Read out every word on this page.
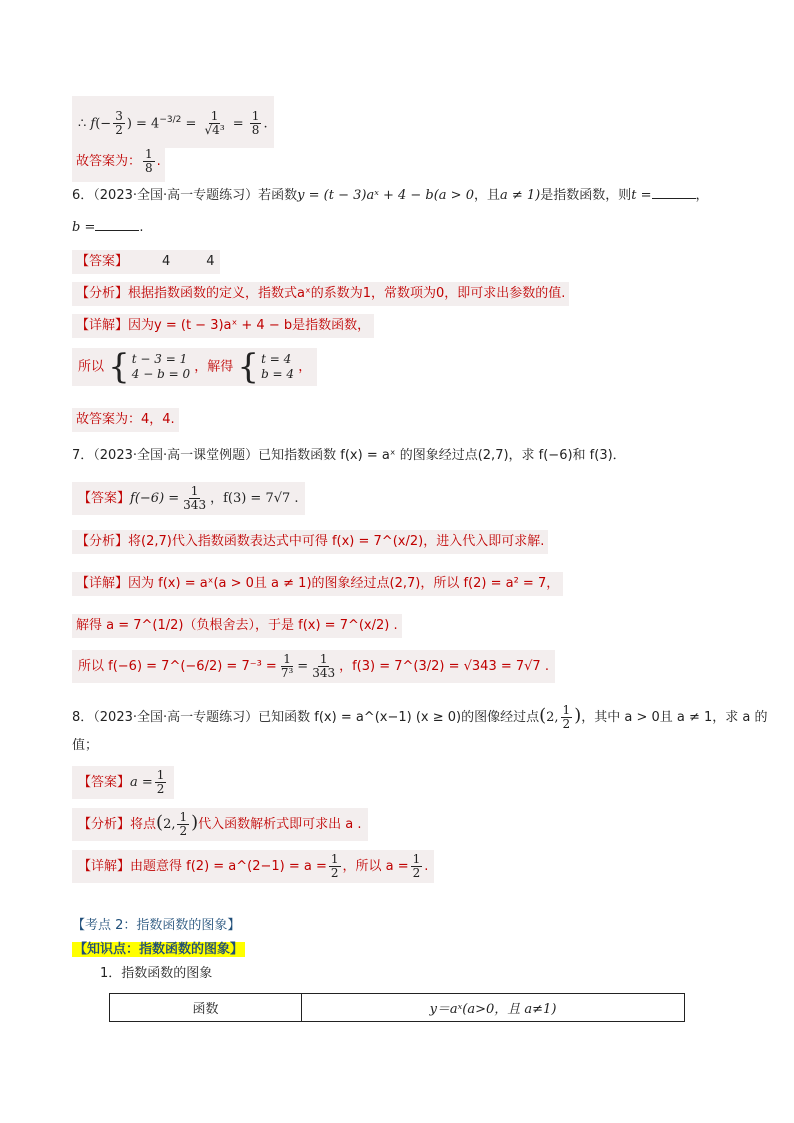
∴ $f(- \frac{3}{2}$ ) = $4^{-3/2} = \frac{1}{\text{√4³}} = \frac{1}{8}$ .
故答案为： $\frac{1}{8}$ .
6．（2023·全国·高一专题练习）若函数y = (t − 3)aˣ + 4 − b(a > 0，且a ≠ 1)是指数函数，则t =	，
b =	.
【答案】	4	4
【分析】根据指数函数的定义，指数式aˣ的系数为1，常数项为0，即可求出参数的值.
【详解】因为y = (t − 3)aˣ + 4 − b是指数函数，
所以 { t − 3 = 1
4 − b = 0 ，解得 { t = 4
b = 4 ，
故答案为：4，4.
7．（2023·全国·高一课堂例题）已知指数函数 f(x) = aˣ 的图象经过点(2,7)，求 f(−6)和 f(3)．
【答案】$f(-6) = \frac{1}{343}$ ，f(3) = 7√7 .
【分析】将(2,7)代入指数函数表达式中可得 f(x) = 7^(x/2)，进入代入即可求解.
【详解】因为 f(x) = aˣ(a > 0且 a ≠ 1)的图象经过点(2,7)，所以 f(2) = a² = 7，
解得 a = 7^(1/2)（负根舍去），于是 f(x) = 7^(x/2) .
所以 f(−6) = 7^(−6/2) = $7^{-3} = \frac{1}{\text{7³}} = \frac{1}{343}$ ，f(3) = 7^(3/2) = √343 = 7√7 .
8．（2023·全国·高一专题练习）已知函数 f(x) = a^(x−1) (x ≥ 0)的图像经过点(2, $\frac{1}{2}$ )，其中 a > 0且 a ≠ 1，求 a 的
值；
【答案】$a = \frac{1}{2}$
【分析】将点(2, $\frac{1}{2}$ )代入函数解析式即可求出 a .
【详解】由题意得 f(2) = a^(2−1) = $a = \frac{1}{2}$ ，所以 $a = \frac{1}{2}$ .
【考点 2：指数函数的图象】
【知识点：指数函数的图象】
1．指数函数的图象
函数	y＝aˣ(a>0，且 a≠1)
